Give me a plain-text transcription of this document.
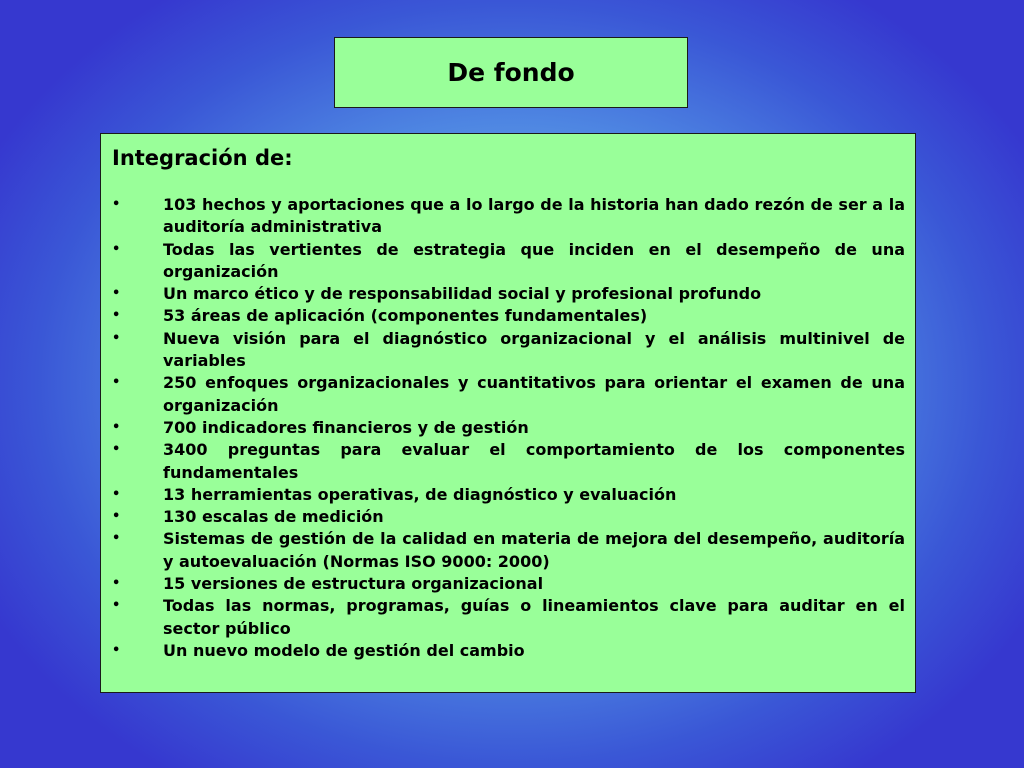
De fondo
Integración de:
•	103 hechos y aportaciones que a lo largo de la historia han dado rezón de ser a la auditoría administrativa
•	Todas las vertientes de estrategia que inciden en el desempeño de una organización
•	Un marco ético y de responsabilidad social y profesional profundo
•	53 áreas de aplicación (componentes fundamentales)
•	Nueva visión para el diagnóstico organizacional y el análisis multinivel de variables
•	250 enfoques organizacionales y cuantitativos para orientar el examen de una organización
•	700 indicadores financieros y de gestión
•	3400 preguntas para evaluar el comportamiento de los componentes fundamentales
•	13 herramientas operativas, de diagnóstico y evaluación
•	130 escalas de medición
•	Sistemas de gestión de la calidad en materia de mejora del desempeño, auditoría y autoevaluación (Normas ISO 9000: 2000)
•	15 versiones de estructura organizacional
•	Todas las normas, programas, guías o lineamientos clave para auditar en el sector público
•	Un nuevo modelo de gestión del cambio
